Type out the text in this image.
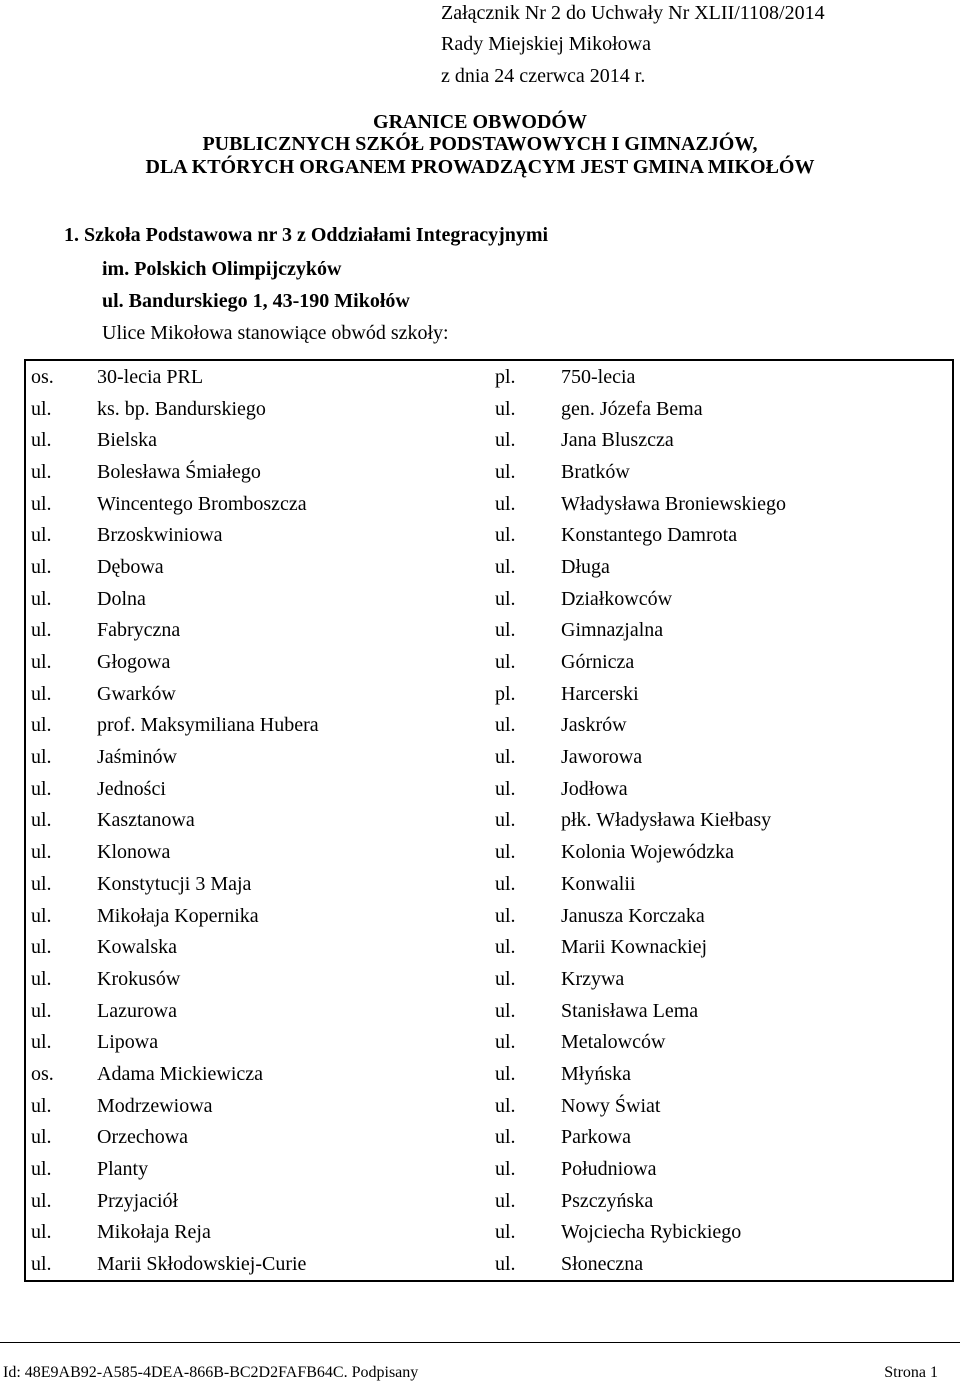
Załącznik Nr 2 do Uchwały Nr XLII/1108/2014
Rady Miejskiej Mikołowa
z dnia 24 czerwca 2014 r.
GRANICE OBWODÓW
PUBLICZNYCH SZKÓŁ PODSTAWOWYCH I GIMNAZJÓW,
DLA KTÓRYCH ORGANEM PROWADZĄCYM JEST GMINA MIKOŁÓW
1. Szkoła Podstawowa nr 3 z Oddziałami Integracyjnymi
im. Polskich Olimpijczyków
ul. Bandurskiego 1, 43-190 Mikołów
Ulice Mikołowa stanowiące obwód szkoły:
os.	30-lecia PRL	pl.	750-lecia
ul.	ks. bp. Bandurskiego	ul.	gen. Józefa Bema
ul.	Bielska	ul.	Jana Bluszcza
ul.	Bolesława Śmiałego	ul.	Bratków
ul.	Wincentego Bromboszcza	ul.	Władysława Broniewskiego
ul.	Brzoskwiniowa	ul.	Konstantego Damrota
ul.	Dębowa	ul.	Długa
ul.	Dolna	ul.	Działkowców
ul.	Fabryczna	ul.	Gimnazjalna
ul.	Głogowa	ul.	Górnicza
ul.	Gwarków	pl.	Harcerski
ul.	prof. Maksymiliana Hubera	ul.	Jaskrów
ul.	Jaśminów	ul.	Jaworowa
ul.	Jedności	ul.	Jodłowa
ul.	Kasztanowa	ul.	płk. Władysława Kiełbasy
ul.	Klonowa	ul.	Kolonia Wojewódzka
ul.	Konstytucji 3 Maja	ul.	Konwalii
ul.	Mikołaja Kopernika	ul.	Janusza Korczaka
ul.	Kowalska	ul.	Marii Kownackiej
ul.	Krokusów	ul.	Krzywa
ul.	Lazurowa	ul.	Stanisława Lema
ul.	Lipowa	ul.	Metalowców
os.	Adama Mickiewicza	ul.	Młyńska
ul.	Modrzewiowa	ul.	Nowy Świat
ul.	Orzechowa	ul.	Parkowa
ul.	Planty	ul.	Południowa
ul.	Przyjaciół	ul.	Pszczyńska
ul.	Mikołaja Reja	ul.	Wojciecha Rybickiego
ul.	Marii Skłodowskiej-Curie	ul.	Słoneczna
Id: 48E9AB92-A585-4DEA-866B-BC2D2FAFB64C. Podpisany	Strona 1
